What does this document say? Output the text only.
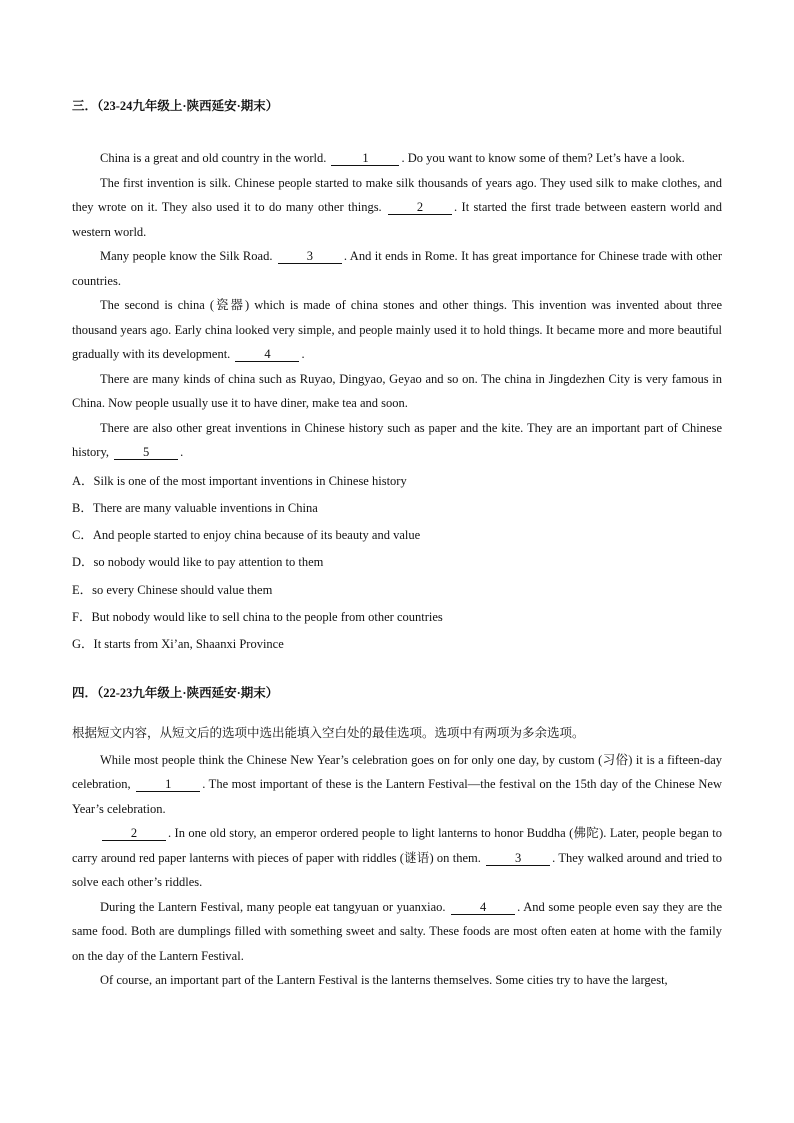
三．（23-24九年级上·陕西延安·期末）

China is a great and old country in the world.	1	. Do you want to know some of them? Let’s have a look.

The first invention is silk. Chinese people started to make silk thousands of years ago. They used silk to make clothes, and they wrote on it. They also used it to do many other things. 2 . It started the first trade between eastern world and western world.

Many people know the Silk Road. 3 . And it ends in Rome. It has great importance for Chinese trade with other countries.

The second is china (瓷器) which is made of china stones and other things. This invention was invented about three thousand years ago. Early china looked very simple, and people mainly used it to hold things. It became more and more beautiful gradually with its development. 4 .

There are many kinds of china such as Ruyao, Dingyao, Geyao and so on. The china in Jingdezhen City is very famous in China. Now people usually use it to have diner, make tea and soon.

There are also other great inventions in Chinese history such as paper and the kite. They are an important part of Chinese history, 5 .

A．Silk is one of the most important inventions in Chinese history

B．There are many valuable inventions in China

C．And people started to enjoy china because of its beauty and value

D．so nobody would like to pay attention to them

E．so every Chinese should value them

F．But nobody would like to sell china to the people from other countries

G．It starts from Xi’an, Shaanxi Province

四．（22-23九年级上·陕西延安·期末）

根据短文内容，从短文后的选项中选出能填入空白处的最佳选项。选项中有两项为多余选项。

While most people think the Chinese New Year’s celebration goes on for only one day, by custom (习俗) it is a fifteen-day celebration, 1 . The most important of these is the Lantern Festival—the festival on the 15th day of the Chinese New Year’s celebration.

2 . In one old story, an emperor ordered people to light lanterns to honor Buddha (佛陀). Later, people began to carry around red paper lanterns with pieces of paper with riddles (谜语) on them. 3 . They walked around and tried to solve each other’s riddles.

During the Lantern Festival, many people eat tangyuan or yuanxiao. 4 . And some people even say they are the same food. Both are dumplings filled with something sweet and salty. These foods are most often eaten at home with the family on the day of the Lantern Festival.

Of course, an important part of the Lantern Festival is the lanterns themselves. Some cities try to have the largest,
